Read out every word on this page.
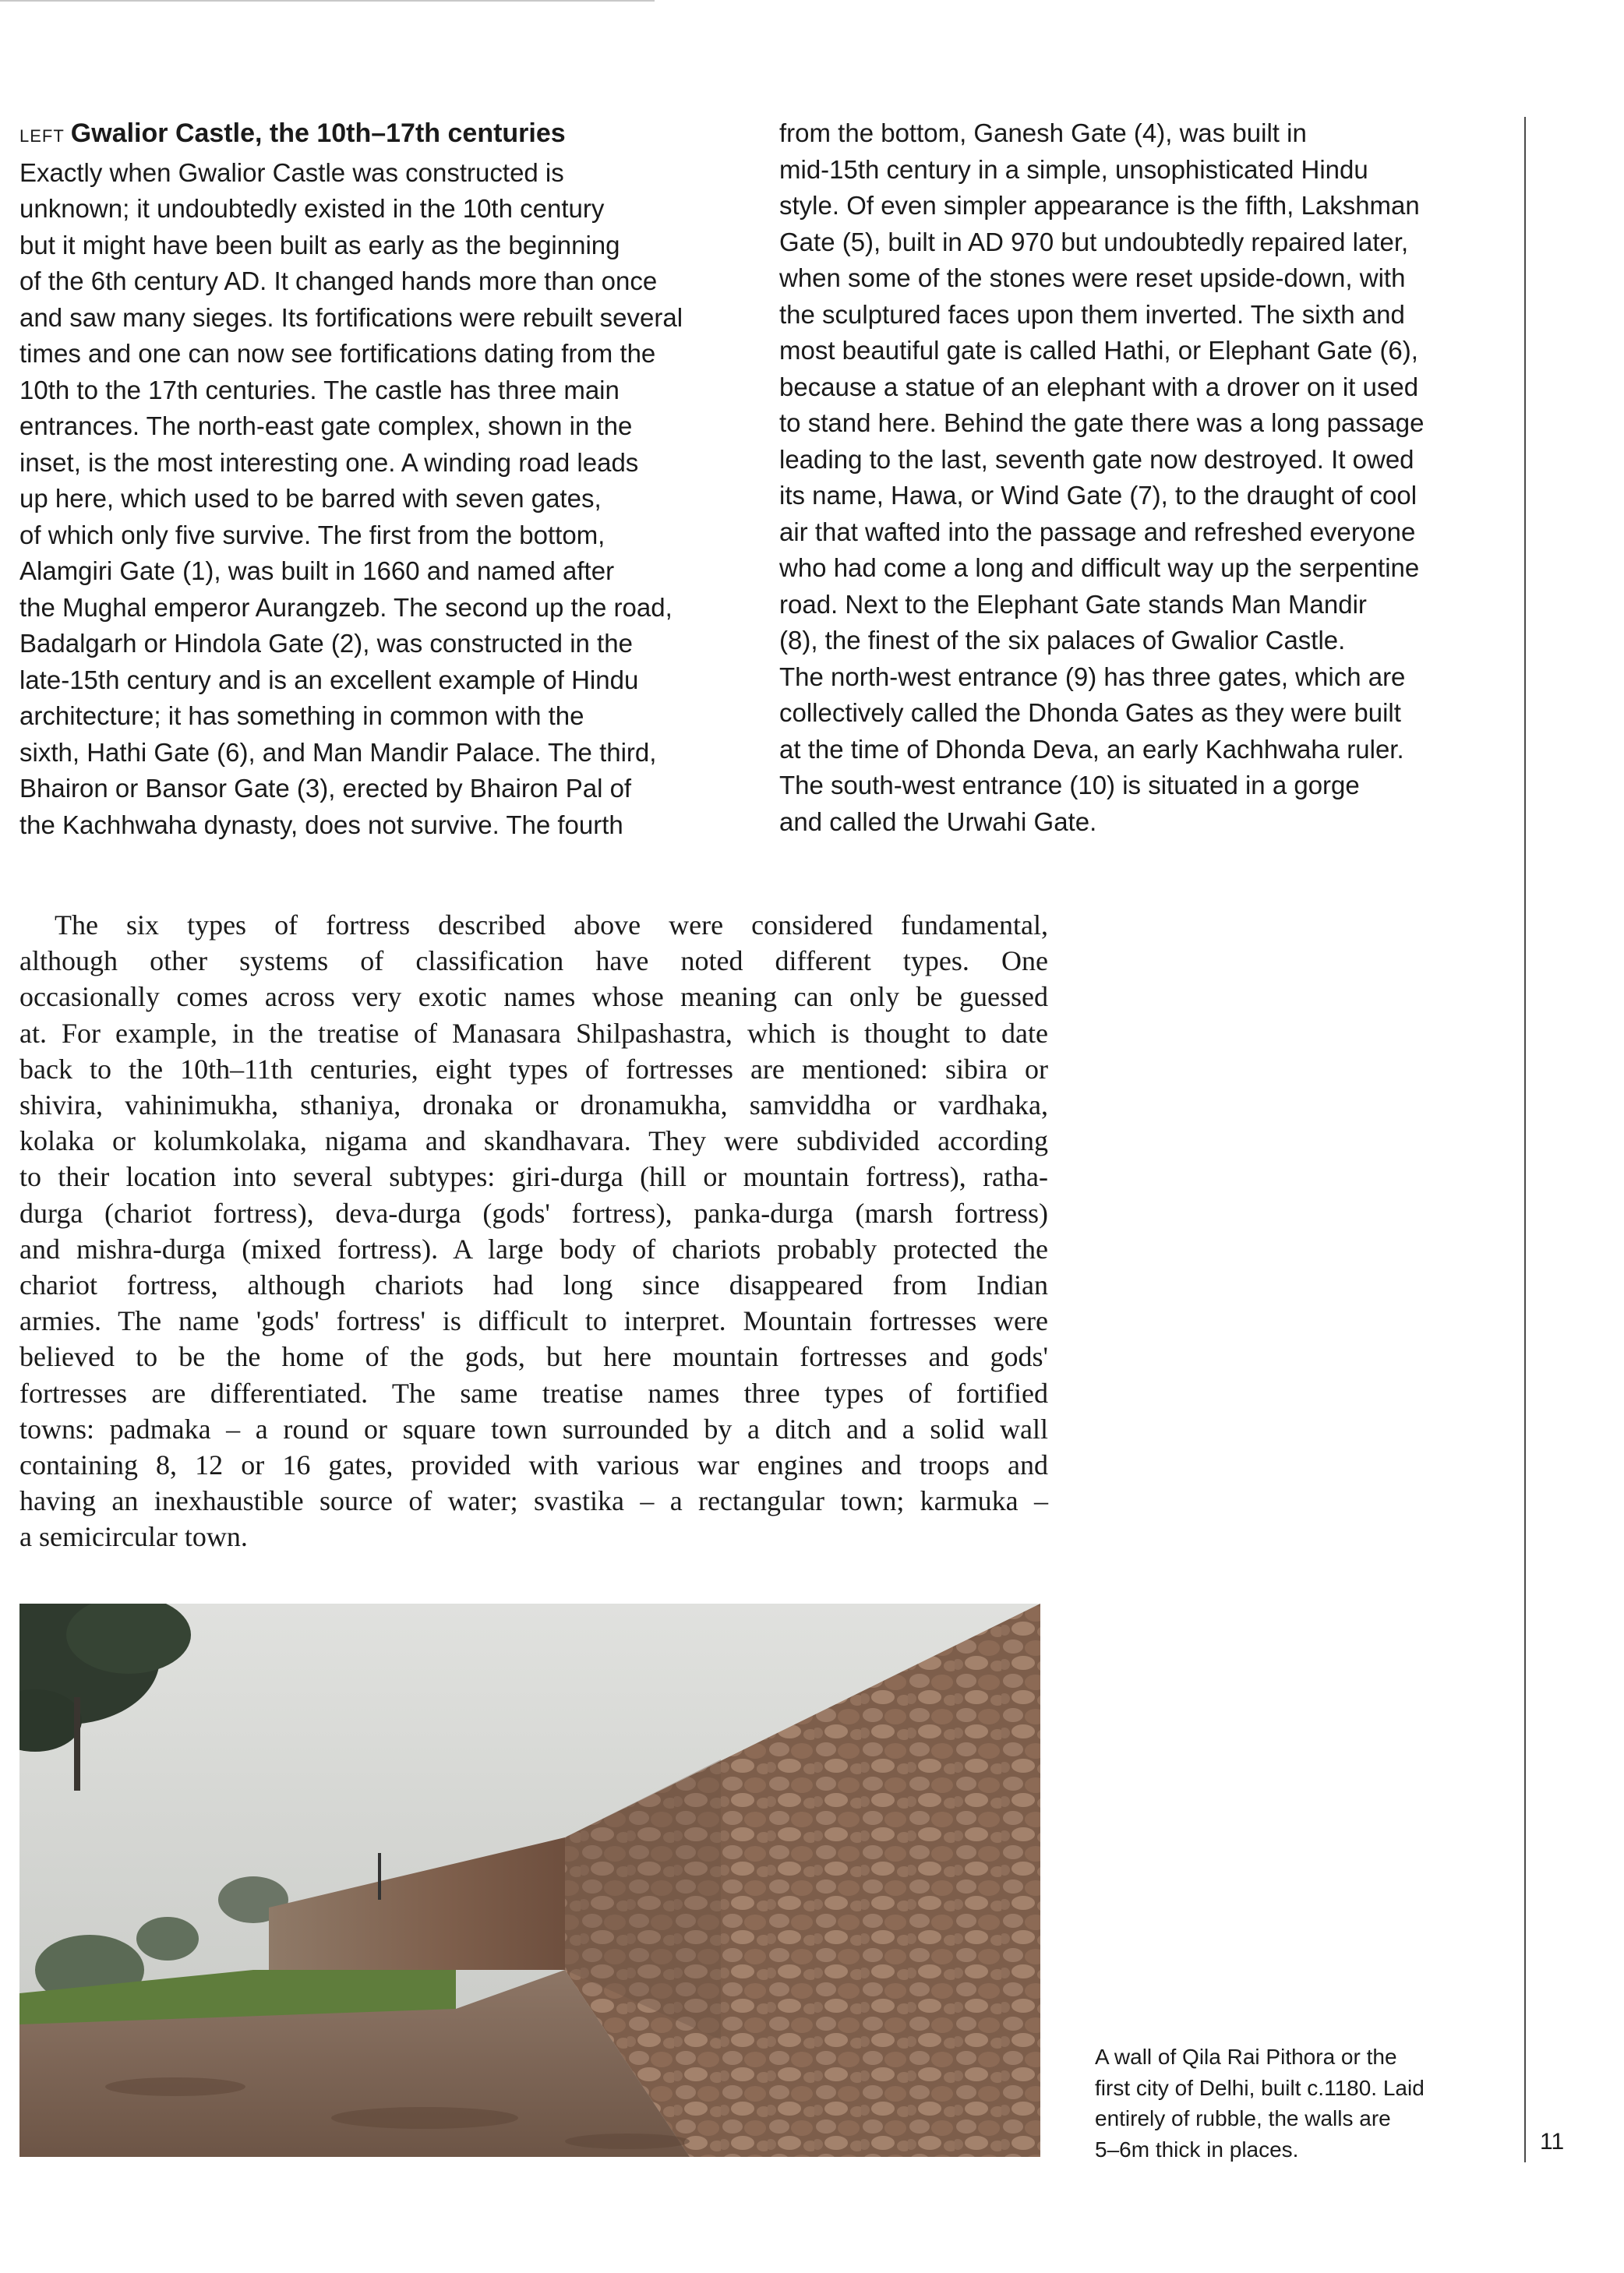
LEFT Gwalior Castle, the 10th–17th centuries
Exactly when Gwalior Castle was constructed is
unknown; it undoubtedly existed in the 10th century
but it might have been built as early as the beginning
of the 6th century AD. It changed hands more than once
and saw many sieges. Its fortifications were rebuilt several
times and one can now see fortifications dating from the
10th to the 17th centuries. The castle has three main
entrances. The north-east gate complex, shown in the
inset, is the most interesting one. A winding road leads
up here, which used to be barred with seven gates,
of which only five survive. The first from the bottom,
Alamgiri Gate (1), was built in 1660 and named after
the Mughal emperor Aurangzeb. The second up the road,
Badalgarh or Hindola Gate (2), was constructed in the
late-15th century and is an excellent example of Hindu
architecture; it has something in common with the
sixth, Hathi Gate (6), and Man Mandir Palace. The third,
Bhairon or Bansor Gate (3), erected by Bhairon Pal of
the Kachhwaha dynasty, does not survive. The fourth
from the bottom, Ganesh Gate (4), was built in
mid-15th century in a simple, unsophisticated Hindu
style. Of even simpler appearance is the fifth, Lakshman
Gate (5), built in AD 970 but undoubtedly repaired later,
when some of the stones were reset upside-down, with
the sculptured faces upon them inverted. The sixth and
most beautiful gate is called Hathi, or Elephant Gate (6),
because a statue of an elephant with a drover on it used
to stand here. Behind the gate there was a long passage
leading to the last, seventh gate now destroyed. It owed
its name, Hawa, or Wind Gate (7), to the draught of cool
air that wafted into the passage and refreshed everyone
who had come a long and difficult way up the serpentine
road. Next to the Elephant Gate stands Man Mandir
(8), the finest of the six palaces of Gwalior Castle.
The north-west entrance (9) has three gates, which are
collectively called the Dhonda Gates as they were built
at the time of Dhonda Deva, an early Kachhwaha ruler.
The south-west entrance (10) is situated in a gorge
and called the Urwahi Gate.
The six types of fortress described above were considered fundamental,
although other systems of classification have noted different types. One
occasionally comes across very exotic names whose meaning can only be guessed
at. For example, in the treatise of Manasara Shilpashastra, which is thought to date
back to the 10th–11th centuries, eight types of fortresses are mentioned: sibira or
shivira, vahinimukha, sthaniya, dronaka or dronamukha, samviddha or vardhaka,
kolaka or kolumkolaka, nigama and skandhavara. They were subdivided according
to their location into several subtypes: giri-durga (hill or mountain fortress), ratha-
durga (chariot fortress), deva-durga (gods' fortress), panka-durga (marsh fortress)
and mishra-durga (mixed fortress). A large body of chariots probably protected the
chariot fortress, although chariots had long since disappeared from Indian
armies. The name 'gods' fortress' is difficult to interpret. Mountain fortresses were
believed to be the home of the gods, but here mountain fortresses and gods'
fortresses are differentiated. The same treatise names three types of fortified
towns: padmaka – a round or square town surrounded by a ditch and a solid wall
containing 8, 12 or 16 gates, provided with various war engines and troops and
having an inexhaustible source of water; svastika – a rectangular town; karmuka –
a semicircular town.
A wall of Qila Rai Pithora or the
first city of Delhi, built c.1180. Laid
entirely of rubble, the walls are
5–6m thick in places.	11
